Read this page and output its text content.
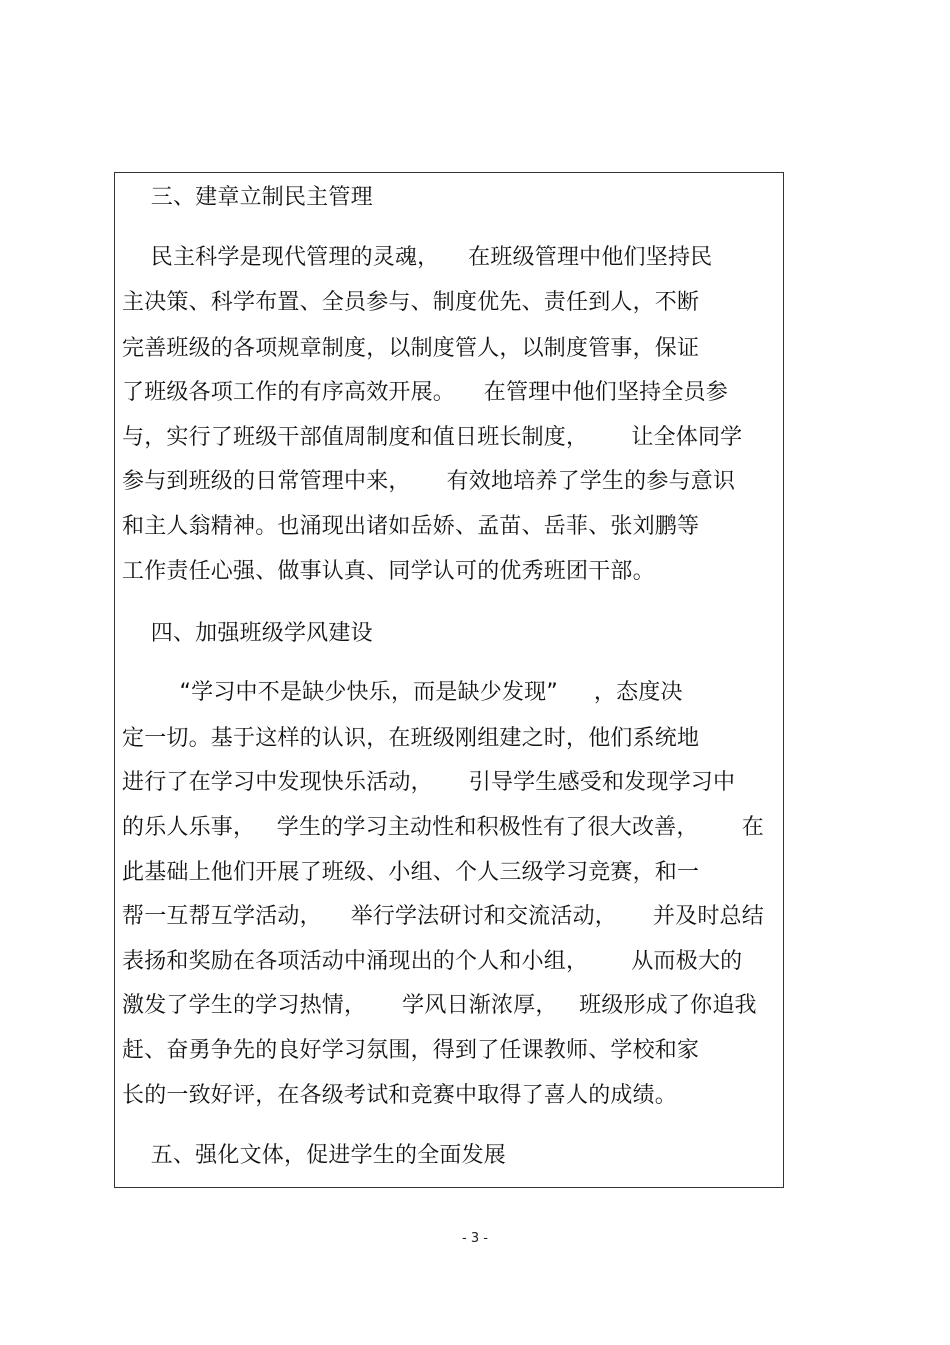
三、建章立制民主管理
民主科学是现代管理的灵魂，    在班级管理中他们坚持民
主决策、科学布置、全员参与、制度优先、责任到人，不断
完善班级的各项规章制度，以制度管人，以制度管事，保证
了班级各项工作的有序高效开展。    在管理中他们坚持全员参
与，实行了班级干部值周制度和值日班长制度，      让全体同学
参与到班级的日常管理中来，     有效地培养了学生的参与意识
和主人翁精神。也涌现出诸如岳娇、孟苗、岳菲、张刘鹏等
工作责任心强、做事认真、同学认可的优秀班团干部。
四、加强班级学风建设
“学习中不是缺少快乐，而是缺少发现”     ，态度决
定一切。基于这样的认识，在班级刚组建之时，他们系统地
进行了在学习中发现快乐活动，     引导学生感受和发现学习中
的乐人乐事，   学生的学习主动性和积极性有了很大改善，      在
此基础上他们开展了班级、小组、个人三级学习竞赛，和一
帮一互帮互学活动，    举行学法研讨和交流活动，     并及时总结
表扬和奖励在各项活动中涌现出的个人和小组，      从而极大的
激发了学生的学习热情，     学风日渐浓厚，   班级形成了你追我
赶、奋勇争先的良好学习氛围，得到了任课教师、学校和家
长的一致好评，在各级考试和竞赛中取得了喜人的成绩。
五、强化文体，促进学生的全面发展
- 3 -
